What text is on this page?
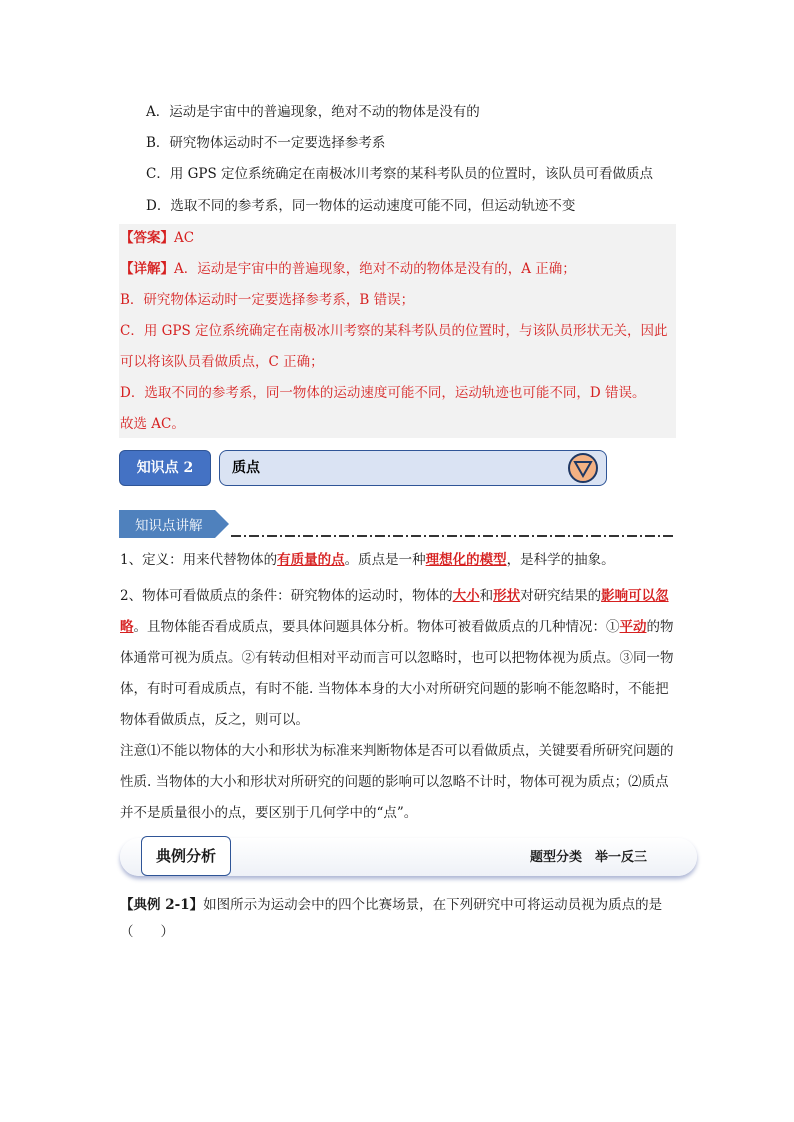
A．运动是宇宙中的普遍现象，绝对不动的物体是没有的
B．研究物体运动时不一定要选择参考系
C．用 GPS 定位系统确定在南极冰川考察的某科考队员的位置时，该队员可看做质点
D．选取不同的参考系，同一物体的运动速度可能不同，但运动轨迹不变
【答案】AC
【详解】A．运动是宇宙中的普遍现象，绝对不动的物体是没有的，A 正确；
B．研究物体运动时一定要选择参考系，B 错误；
C．用 GPS 定位系统确定在南极冰川考察的某科考队员的位置时，与该队员形状无关，因此
可以将该队员看做质点，C 正确；
D．选取不同的参考系，同一物体的运动速度可能不同，运动轨迹也可能不同，D 错误。
故选 AC。
知识点 2	质点
知识点讲解
1、定义：用来代替物体的有质量的点。质点是一种理想化的模型，是科学的抽象。
2、物体可看做质点的条件：研究物体的运动时，物体的大小和形状对研究结果的影响可以忽略。且物体能否看成质点，要具体问题具体分析。物体可被看做质点的几种情况：①平动的物体通常可视为质点。②有转动但相对平动而言可以忽略时，也可以把物体视为质点。③同一物体，有时可看成质点，有时不能. 当物体本身的大小对所研究问题的影响不能忽略时，不能把物体看做质点，反之，则可以。
注意⑴不能以物体的大小和形状为标准来判断物体是否可以看做质点，关键要看所研究问题的性质. 当物体的大小和形状对所研究的问题的影响可以忽略不计时，物体可视为质点；⑵质点并不是质量很小的点，要区别于几何学中的“点”。
典例分析	题型分类　举一反三
【典例 2-1】如图所示为运动会中的四个比赛场景，在下列研究中可将运动员视为质点的是
（　　）
